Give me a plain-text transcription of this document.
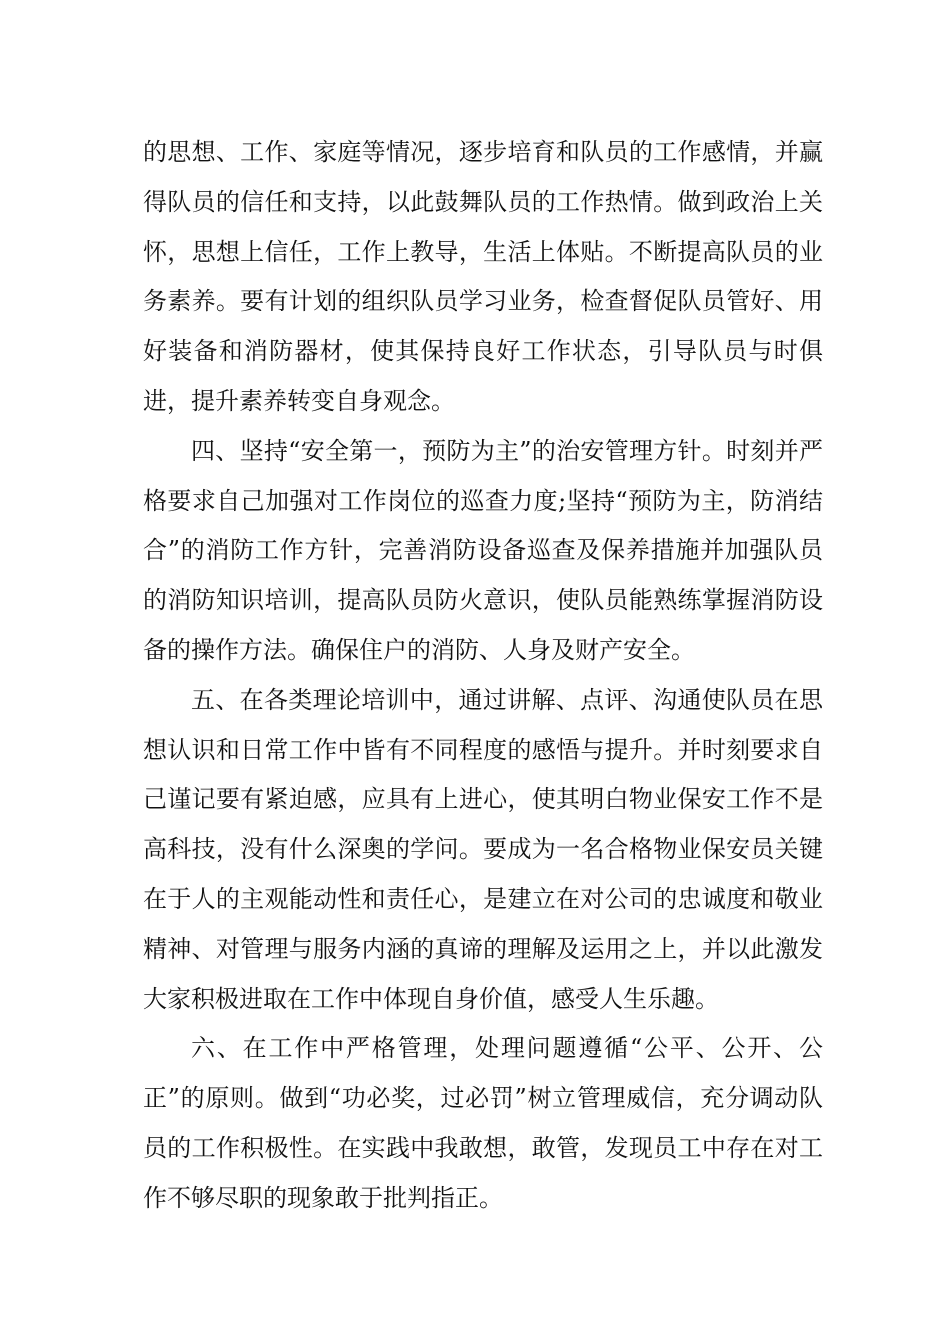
的思想、工作、家庭等情况，逐步培育和队员的工作感情，并赢得队员的信任和支持，以此鼓舞队员的工作热情。做到政治上关怀，思想上信任，工作上教导，生活上体贴。不断提高队员的业务素养。要有计划的组织队员学习业务，检查督促队员管好、用好装备和消防器材，使其保持良好工作状态，引导队员与时俱进，提升素养转变自身观念。

四、坚持“安全第一，预防为主”的治安管理方针。时刻并严格要求自己加强对工作岗位的巡查力度;坚持“预防为主，防消结合”的消防工作方针，完善消防设备巡查及保养措施并加强队员的消防知识培训，提高队员防火意识，使队员能熟练掌握消防设备的操作方法。确保住户的消防、人身及财产安全。

五、在各类理论培训中，通过讲解、点评、沟通使队员在思想认识和日常工作中皆有不同程度的感悟与提升。并时刻要求自己谨记要有紧迫感，应具有上进心，使其明白物业保安工作不是高科技，没有什么深奥的学问。要成为一名合格物业保安员关键在于人的主观能动性和责任心，是建立在对公司的忠诚度和敬业精神、对管理与服务内涵的真谛的理解及运用之上，并以此激发大家积极进取在工作中体现自身价值，感受人生乐趣。

六、在工作中严格管理，处理问题遵循“公平、公开、公正”的原则。做到“功必奖，过必罚”树立管理威信，充分调动队员的工作积极性。在实践中我敢想，敢管，发现员工中存在对工作不够尽职的现象敢于批判指正。
